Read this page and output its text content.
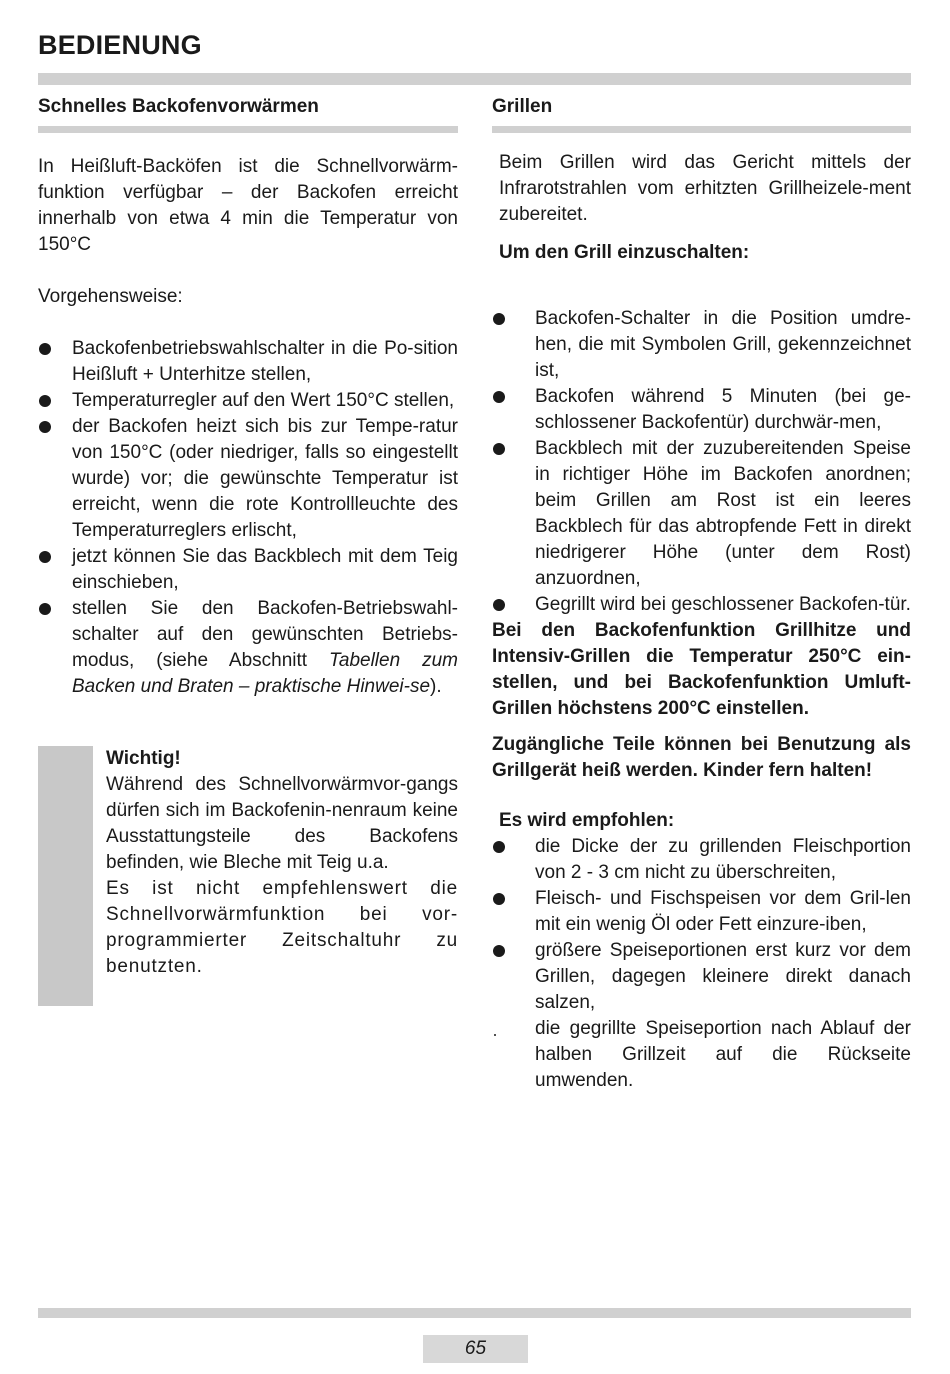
BEDIENUNG
Schnelles Backofenvorwärmen

In Heißluft-Backöfen ist die Schnellvorwärm-funktion verfügbar – der Backofen erreicht innerhalb von etwa 4 min die Temperatur von 150°C

Vorgehensweise:

Backofenbetriebswahlschalter in die Po-sition Heißluft + Unterhitze stellen,
Temperaturregler auf den Wert 150°C stellen,
der Backofen heizt sich bis zur Tempe-ratur von 150°C (oder niedriger, falls so eingestellt wurde) vor; die gewünschte Temperatur ist erreicht, wenn die rote Kontrollleuchte des Temperaturreglers erlischt,
jetzt können Sie das Backblech mit dem Teig einschieben,
stellen Sie den Backofen-Betriebswahl-schalter auf den gewünschten Betriebs-modus, (siehe Abschnitt Tabellen zum Backen und Braten – praktische Hinwei-se).

Wichtig!

Während des Schnellvorwärmvor-gangs dürfen sich im Backofenin-nenraum keine Ausstattungsteile des Backofens befinden, wie Bleche mit Teig u.a.

Es ist nicht empfehlenswert die Schnellvorwärmfunktion bei vor-programmierter Zeitschaltuhr zu benutzten.

Grillen

Beim Grillen wird das Gericht mittels der Infrarotstrahlen vom erhitzten Grillheizele-ment zubereitet.

Um den Grill einzuschalten:

Backofen-Schalter in die Position umdre-hen, die mit Symbolen Grill, gekennzeichnet ist,
Backofen während 5 Minuten (bei ge-schlossener Backofentür) durchwär-men,
Backblech mit der zuzubereitenden Speise in richtiger Höhe im Backofen anordnen; beim Grillen am Rost ist ein leeres Backblech für das abtropfende Fett in direkt niedrigerer Höhe (unter dem Rost) anzuordnen,
Gegrillt wird bei geschlossener Backofen-tür.

Bei den Backofenfunktion Grillhitze und Intensiv-Grillen die Temperatur 250°C ein-stellen, und bei Backofenfunktion Umluft-Grillen höchstens 200°C einstellen.

Zugängliche Teile können bei Benutzung als Grillgerät heiß werden. Kinder fern halten!

Es wird empfohlen:

die Dicke der zu grillenden Fleischportion von 2 - 3 cm nicht zu überschreiten,
Fleisch- und Fischspeisen vor dem Gril-len mit ein wenig Öl oder Fett einzure-iben,
größere Speiseportionen erst kurz vor dem Grillen, dagegen kleinere direkt danach salzen,
die gegrillte Speiseportion nach Ablauf der halben Grillzeit auf die Rückseite umwenden.
65
